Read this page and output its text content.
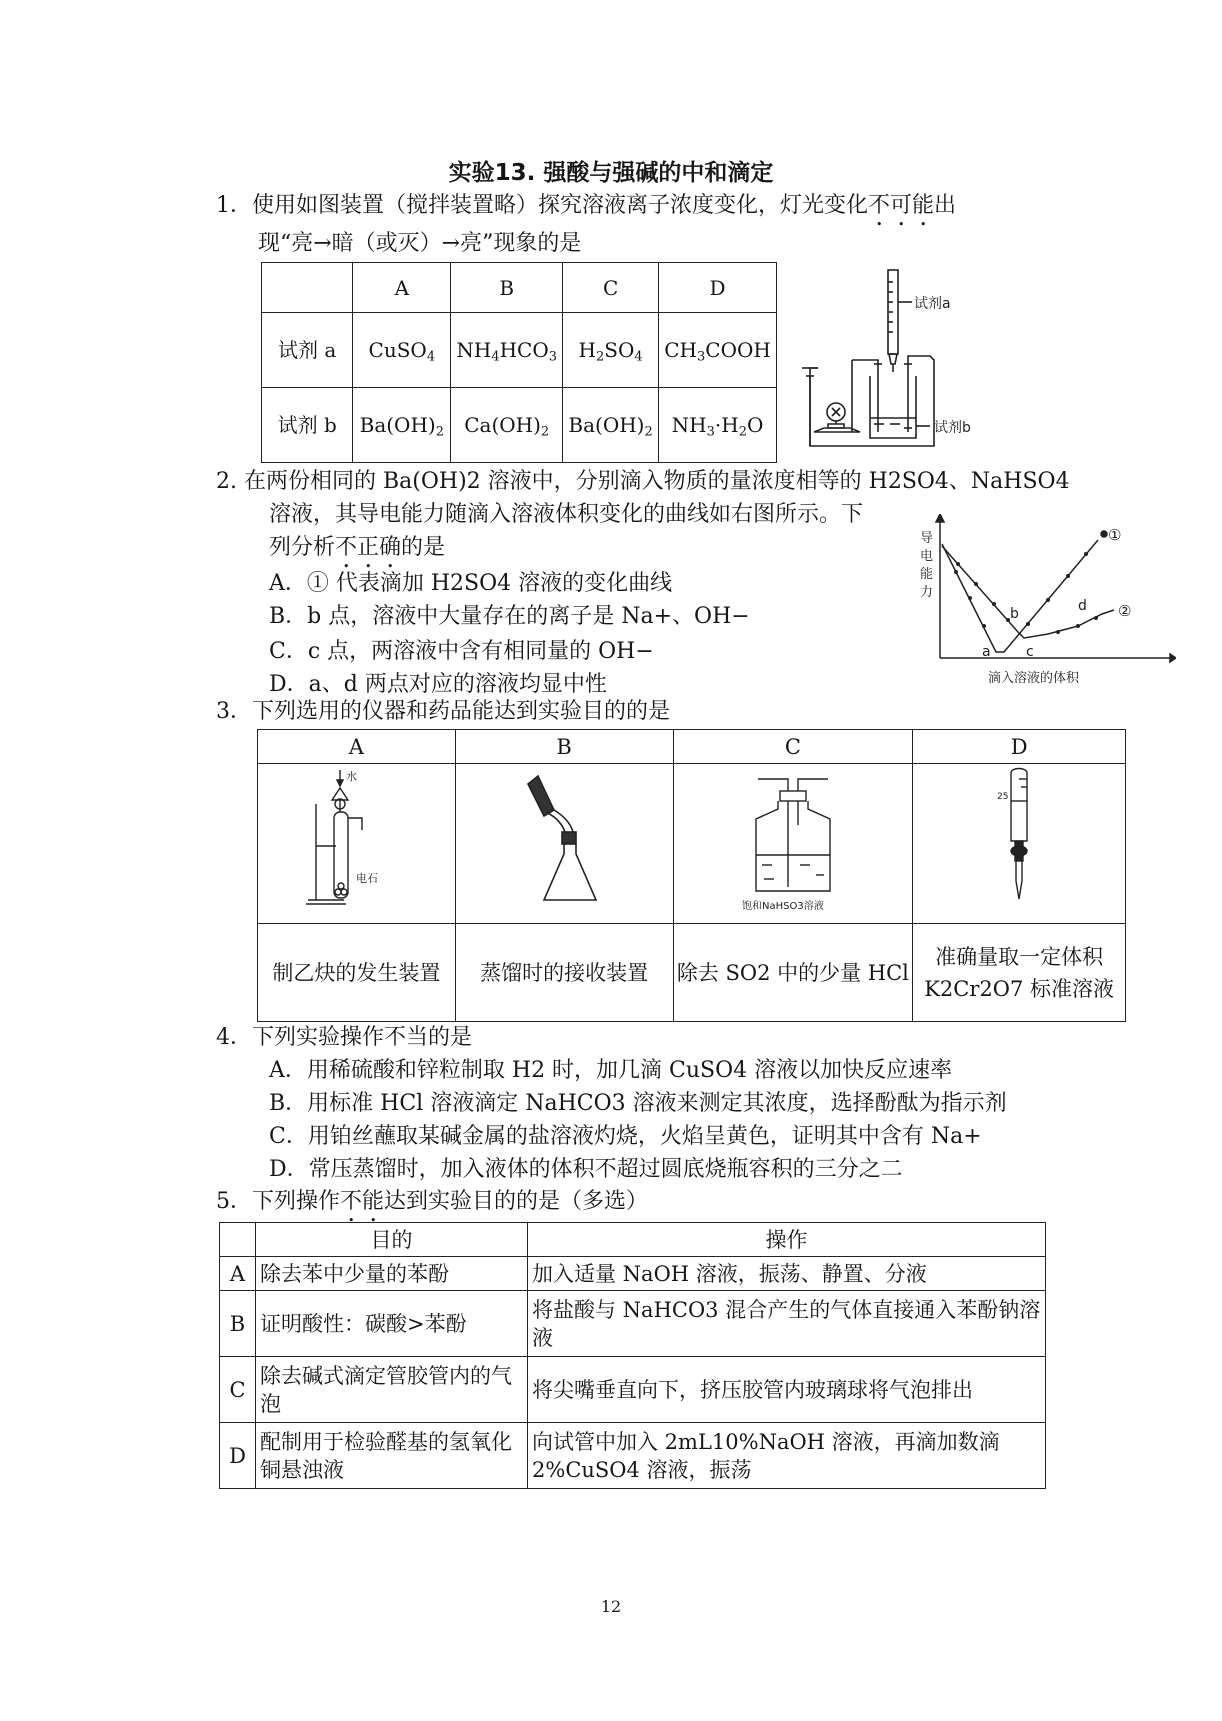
实验13. 强酸与强碱的中和滴定
1．使用如图装置（搅拌装置略）探究溶液离子浓度变化，灯光变化不可能出
现“亮→暗（或灭）→亮”现象的是
	A	B	C	D
试剂 a	CuSO$_4$	$NH_4HCO_3$	$H_2SO_4$	$CH_3COOH$
试剂 b	$Ba(OH)_2$	$Ca(OH)_2$	$Ba(OH)_2$	$NH_3\cdot H_2O$
试剂a
试剂b
2. 在两份相同的 Ba(OH)2 溶液中，分别滴入物质的量浓度相等的 H2SO4、NaHSO4
溶液，其导电能力随滴入溶液体积变化的曲线如右图所示。下
列分析不正确的是
A．① 代表滴加 H2SO4 溶液的变化曲线
B．b 点，溶液中大量存在的离子是 Na+、OH−
C．c 点，两溶液中含有相同量的 OH−
D．a、d 两点对应的溶液均显中性
导
电
能
力
a
b
c
d
①
②
滴入溶液的体积
3．下列选用的仪器和药品能达到实验目的的是
A	B	C	D

水
电石		饱和NaHSO3溶液	25

制乙炔的发生装置	蒸馏时的接收装置	除去 SO2 中的少量 HCl	准确量取一定体积 K2Cr2O7 标准溶液
4．下列实验操作不当的是
A．用稀硫酸和锌粒制取 H2 时，加几滴 CuSO4 溶液以加快反应速率
B．用标准 HCl 溶液滴定 NaHCO3 溶液来测定其浓度，选择酚酞为指示剂
C．用铂丝蘸取某碱金属的盐溶液灼烧，火焰呈黄色，证明其中含有 Na+
D．常压蒸馏时，加入液体的体积不超过圆底烧瓶容积的三分之二
5．下列操作不能达到实验目的的是（多选）
	目的	操作
A	除去苯中少量的苯酚	加入适量 NaOH 溶液，振荡、静置、分液
B	证明酸性：碳酸>苯酚	将盐酸与 NaHCO3 混合产生的气体直接通入苯酚钠溶液
C	除去碱式滴定管胶管内的气泡	将尖嘴垂直向下，挤压胶管内玻璃球将气泡排出
D	配制用于检验醛基的氢氧化铜悬浊液	向试管中加入 2mL10%NaOH 溶液，再滴加数滴 2%CuSO4 溶液，振荡
12
